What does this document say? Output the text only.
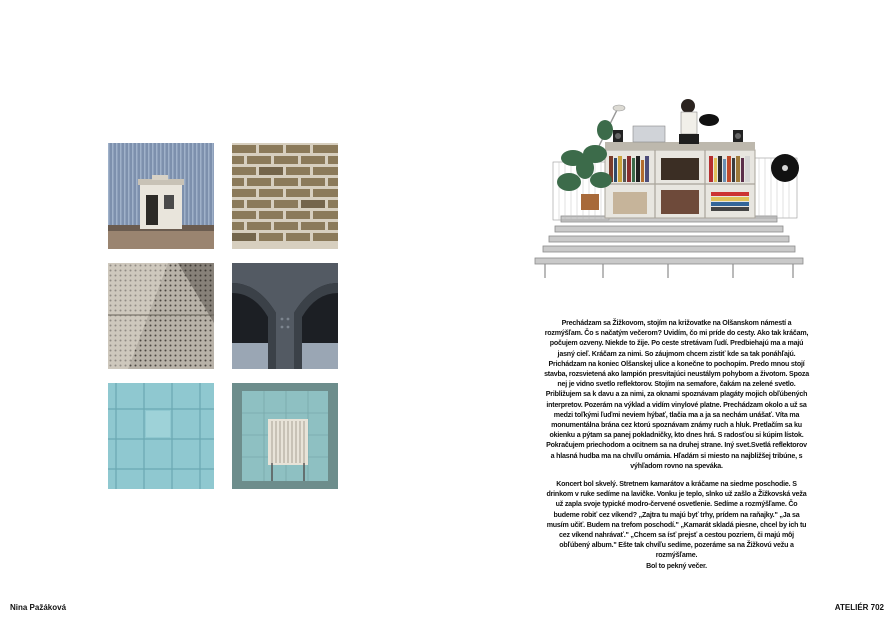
Prechádzam sa Žižkovom, stojím na križovatke na Olšanskom námestí a rozmýšľam. Čo s načatým večerom? Uvidím, čo mi príde do cesty. Ako tak kráčam, počujem ozveny. Niekde to žije. Po ceste stretávam ľudí. Predbiehajú ma a majú jasný cieľ. Kráčam za nimi. So záujmom chcem zistiť kde sa tak ponáhľajú. Prichádzam na koniec Olšanskej ulice a konečne to pochopím. Predo mnou stojí stavba, rozsvietená ako lampión presvitajúci neustálym pohybom a životom. Spoza nej je vidno svetlo reflektorov. Stojím na semafore, čakám na zelené svetlo. Približujem sa k davu a za nimi, za oknami spoznávam plagáty mojich obľúbených interpretov. Pozerám na výklad a vidím vinylové platne. Prechádzam okolo a už sa medzi toľkými ľuďmi neviem hýbať, tlačia ma a ja sa nechám unášať. Víta ma monumentálna brána cez ktorú spoznávam známy ruch a hluk. Pretlačím sa ku okienku a pýtam sa panej pokladničky, kto dnes hrá. S radosťou si kúpim lístok. Pokračujem priechodom a ocitnem sa na druhej strane. Iný svet.Svetlá reflektorov a hlasná hudba ma na chvíľu omámia. Hľadám si miesto na najbližšej tribúne, s výhľadom rovno na speváka.

Koncert bol skvelý. Stretnem kamarátov a kráčame na siedme poschodie. S drinkom v ruke sedíme na lavičke. Vonku je teplo, slnko už zašlo a Žižkovská veža už zapla svoje typické modro-červené osvetlenie. Sedíme a rozmýšľame. Čo budeme robiť cez víkend? „Zajtra tu majú byť trhy, prídem na raňajky." „Ja sa musím učiť. Budem na trefom poschodí." „Kamarát skladá piesne, chcel by ich tu cez víkend nahrávať." „Chcem sa ísť prejsť a cestou pozriem, či majú môj obľúbený album." Ešte tak chvíľu sedíme, pozeráme sa na Žižkovú vežu a rozmýšľame.

Bol to pekný večer.

Nina Pažáková	ATELIÉR 702
